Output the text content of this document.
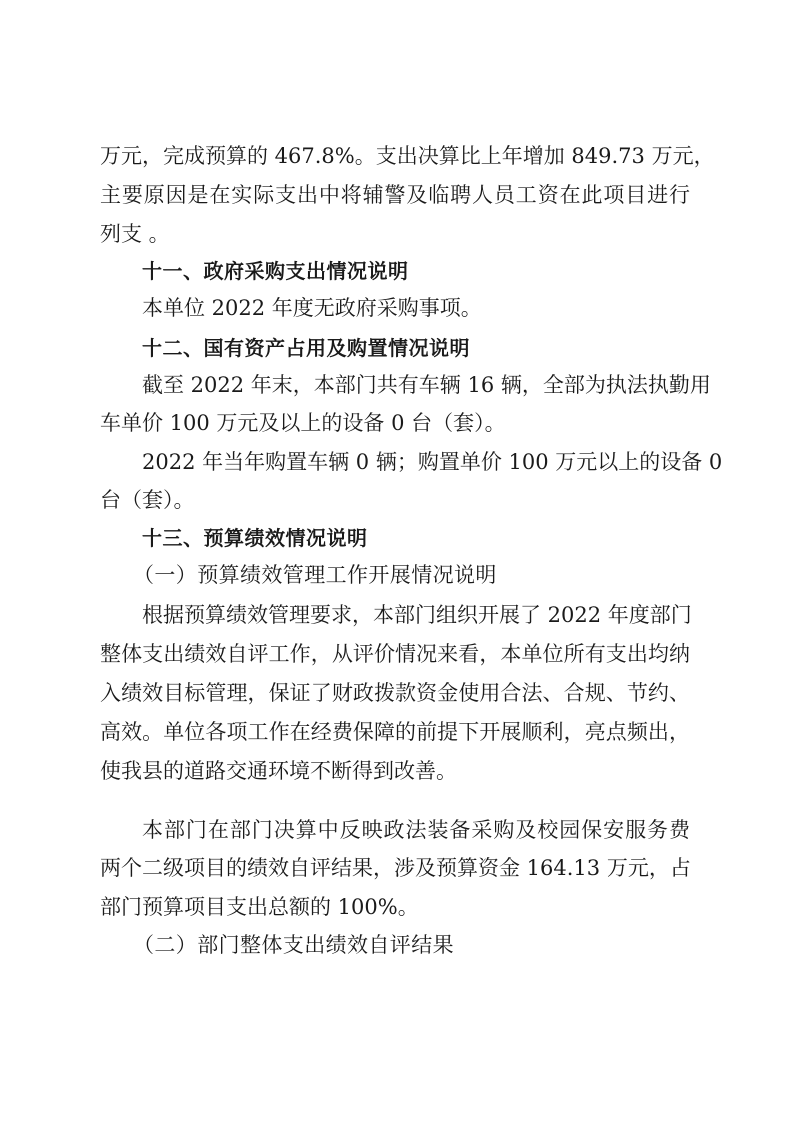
万元，完成预算的 467.8%。支出决算比上年增加 849.73 万元，
主要原因是在实际支出中将辅警及临聘人员工资在此项目进行
列支 。
十一、政府采购支出情况说明
本单位 2022 年度无政府采购事项。
十二、国有资产占用及购置情况说明
截至 2022 年末，本部门共有车辆 16 辆，全部为执法执勤用
车单价 100 万元及以上的设备 0 台（套）。
2022 年当年购置车辆 0 辆；购置单价 100 万元以上的设备 0
台（套）。
十三、预算绩效情况说明
（一）预算绩效管理工作开展情况说明
根据预算绩效管理要求，本部门组织开展了 2022 年度部门
整体支出绩效自评工作，从评价情况来看，本单位所有支出均纳
入绩效目标管理，保证了财政拨款资金使用合法、合规、节约、
高效。单位各项工作在经费保障的前提下开展顺利，亮点频出，
使我县的道路交通环境不断得到改善。
本部门在部门决算中反映政法装备采购及校园保安服务费
两个二级项目的绩效自评结果，涉及预算资金 164.13 万元，占
部门预算项目支出总额的 100%。
（二）部门整体支出绩效自评结果
